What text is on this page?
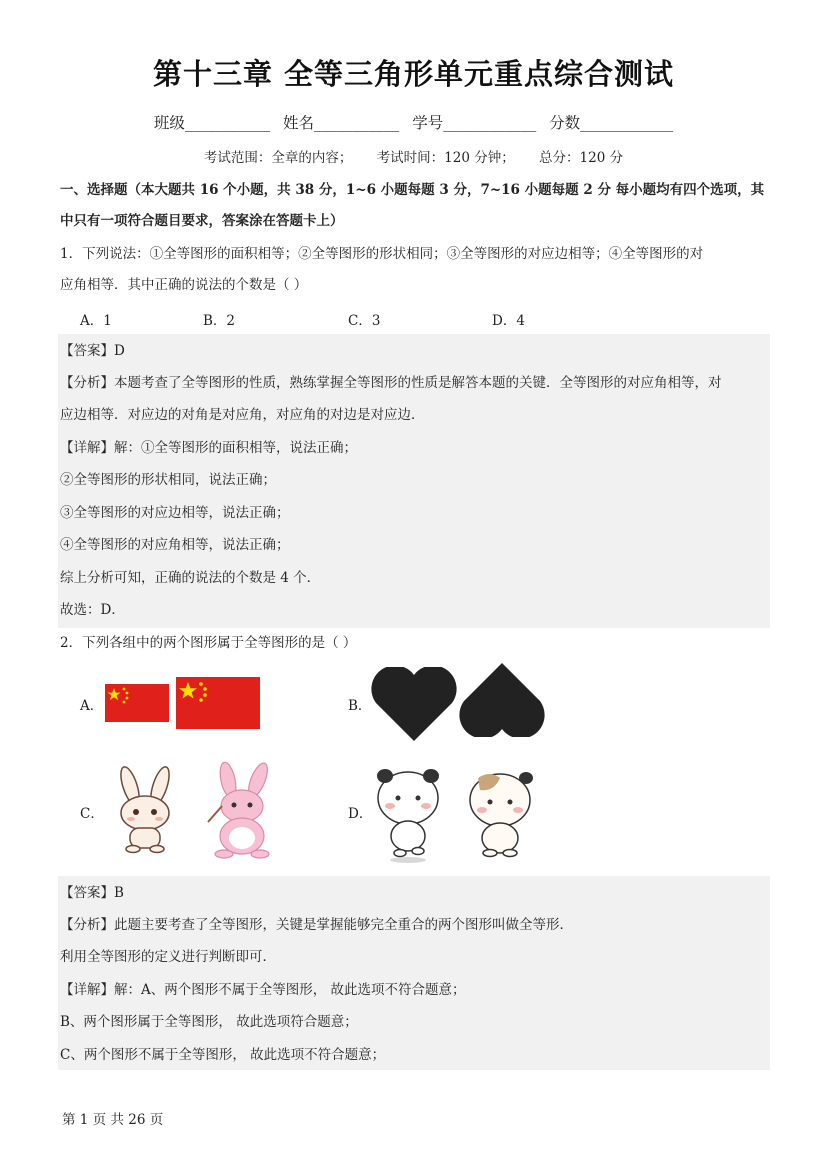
第十三章 全等三角形单元重点综合测试
班级___________ 姓名___________ 学号____________ 分数____________
考试范围：全章的内容； 考试时间：120 分钟； 总分：120 分
一、选择题（本大题共 16 个小题，共 38 分，1~6 小题每题 3 分，7~16 小题每题 2 分 每小题均有四个选项，其
中只有一项符合题目要求，答案涂在答题卡上）
1．下列说法：①全等图形的面积相等；②全等图形的形状相同；③全等图形的对应边相等；④全等图形的对
应角相等．其中正确的说法的个数是（ ）
A．1	B．2	C．3	D．4
【答案】D
【分析】本题考查了全等图形的性质，熟练掌握全等图形的性质是解答本题的关键．全等图形的对应角相等，对
应边相等．对应边的对角是对应角，对应角的对边是对应边．
【详解】解：①全等图形的面积相等，说法正确；
②全等图形的形状相同，说法正确；
③全等图形的对应边相等，说法正确；
④全等图形的对应角相等，说法正确；
综上分析可知，正确的说法的个数是 4 个．
故选：D．
2．下列各组中的两个图形属于全等图形的是（ ）
A．	B．
C．	D．
【答案】B
【分析】此题主要考查了全等图形，关键是掌握能够完全重合的两个图形叫做全等形．
利用全等图形的定义进行判断即可．
【详解】解：A、两个图形不属于全等图形， 故此选项不符合题意；
B、两个图形属于全等图形， 故此选项符合题意；
C、两个图形不属于全等图形， 故此选项不符合题意；
第 1 页 共 26 页
